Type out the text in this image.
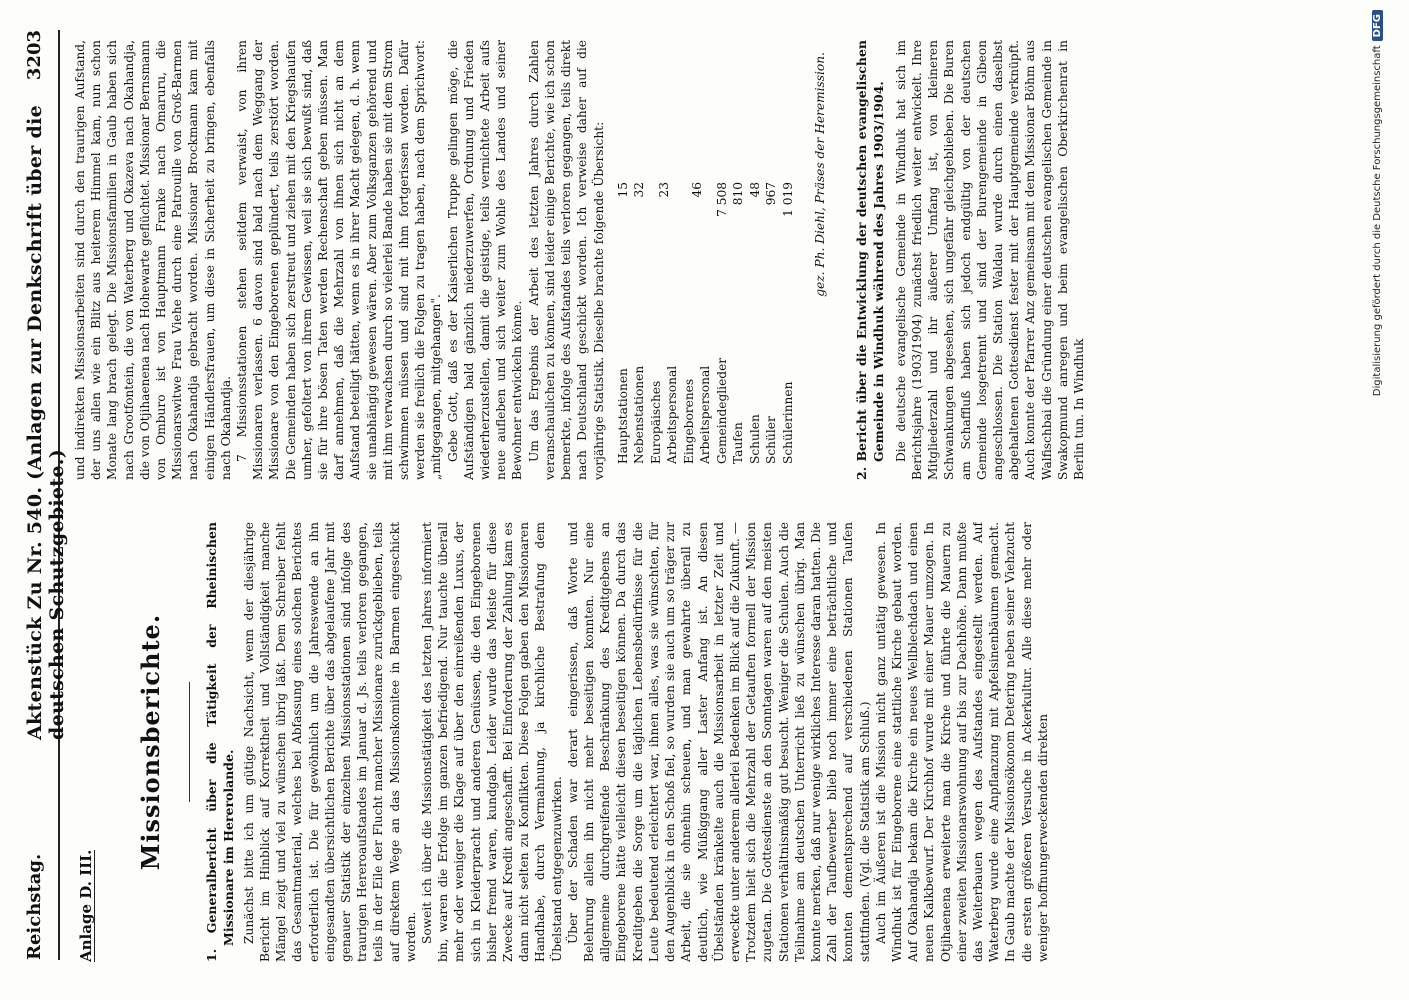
Reichstag.
Aktenstück Zu Nr. 540. (Anlagen zur Denkschrift über die deutschen Schutzgebiete.)
3203
Anlage D. III.
Missionsberichte.	1. Generalbericht über die Tätigkeit der Rheinischen Missionare im Hererolande. Zunächst bitte ich um gütige Nachsicht, wenn der diesjährige Bericht im Hinblick auf Korrektheit und Vollständigkeit manche Mängel zeigt und viel zu wünschen übrig läßt. Dem Schreiber fehlt das Gesamtmaterial, welches bei Abfassung eines solchen Berichtes erforderlich ist. Die für gewöhnlich um die Jahreswende an ihn eingesandten übersichtlichen Berichte über das abgelaufene Jahr mit genauer Statistik der einzelnen Missionsstationen sind infolge des traurigen Hereroaufstandes im Januar d. Js. teils verloren gegangen, teils in der Eile der Flucht mancher Missionare zurückgeblieben, teils auf direktem Wege an das Missionskomitee in Barmen eingeschickt worden. Soweit ich über die Missionstätigkeit des letzten Jahres informiert bin, waren die Erfolge im ganzen befriedigend. Nur tauchte überall mehr oder weniger die Klage auf über den einreißenden Luxus, der sich in Kleiderpracht und anderen Genüssen, die den Eingeborenen bisher fremd waren, kundgab. Leider wurde das Meiste für diese Zwecke auf Kredit angeschafft. Bei Einforderung der Zahlung kam es dann nicht selten zu Konflikten. Diese Folgen gaben den Missionaren Handhabe, durch Vermahnung, ja kirchliche Bestrafung dem Übelstand entgegenzuwirken. Über der Schaden war derart eingerissen, daß Worte und Belehrung allein ihn nicht mehr beseitigen konnten. Nur eine allgemeine durchgreifende Beschränkung des Kreditgebens an Eingeborene hätte vielleicht diesen beseitigen können. Da durch das Kreditgeben die Sorge um die täglichen Lebensbedürfnisse für die Leute bedeutend erleichtert war, ihnen alles, was sie wünschten, für den Augenblick in den Schoß fiel, so wurden sie auch um so träger zur Arbeit, die sie ohnehin scheuen, und man gewahrte überall zu deutlich, wie Müßiggang aller Laster Anfang ist. An diesen Übelständen kränkelte auch die Missionsarbeit in letzter Zeit und erweckte unter anderem allerlei Bedenken im Blick auf die Zukunft. — Trotzdem hielt sich die Mehrzahl der Getauften formell der Mission zugetan. Die Gottesdienste an den Sonntagen waren auf den meisten Stationen verhältnismäßig gut besucht. Weniger die Schulen. Auch die Teilnahme am deutschen Unterricht ließ zu wünschen übrig. Man konnte merken, daß nur wenige wirkliches Interesse daran hatten. Die Zahl der Taufbewerber blieb noch immer eine beträchtliche und konnten dementsprechend auf verschiedenen Stationen Taufen stattfinden. (Vgl. die Statistik am Schluß.) Auch im Äußeren ist die Mission nicht ganz untätig gewesen. In Windhuk ist für Eingeborene eine stattliche Kirche gebaut worden. Auf Okahandja bekam die Kirche ein neues Wellblechdach und einen neuen Kalkbewurf. Der Kirchhof wurde mit einer Mauer umzogen. In Otjihaenena erweiterte man die Kirche und führte die Mauern zu einer zweiten Missionarswohnung auf bis zur Dachhöhe. Dann mußte das Weiterbauen wegen des Aufstandes eingestellt werden. Auf Waterberg wurde eine Anpflanzung mit Apfelsinenbäumen gemacht. In Gaub machte der Missionsökonom Detering neben seiner Viehzucht die ersten größeren Versuche in Ackerkultur. Alle diese mehr oder weniger hoffnungerweckenden direkten

und indirekten Missionsarbeiten sind durch den traurigen Aufstand, der uns allen wie ein Blitz aus heiterem Himmel kam, nun schon Monate lang brach gelegt. Die Missionsfamilien in Gaub haben sich nach Grootfontein, die von Waterberg und Okazeva nach Okahandja, die von Otjihaenena nach Hohewarte geflüchtet. Missionar Bernsmann von Omburo ist von Hauptmann Franke nach Omaruru, die Missionarswitwe Frau Viehe durch eine Patrouille von Groß-Barmen nach Okahandja gebracht worden. Missionar Brockmann kam mit einigen Händlersfrauen, um diese in Sicherheit zu bringen, ebenfalls nach Okahandja. 7 Missionsstationen stehen seitdem verwaist, von ihren Missionaren verlassen. 6 davon sind bald nach dem Weggang der Missionare von den Eingeborenen geplündert, teils zerstört worden. Die Gemeinden haben sich zerstreut und ziehen mit den Kriegshaufen umher, gefoltert von ihrem Gewissen, weil sie sich bewußt sind, daß sie für ihre bösen Taten werden Rechenschaft geben müssen. Man darf annehmen, daß die Mehrzahl von ihnen sich nicht an dem Aufstand beteiligt hätten, wenn es in ihrer Macht gelegen, d. h. wenn sie unabhängig gewesen wären. Aber zum Volksganzen gehörend und mit ihm verwachsen durch so vielerlei Bande haben sie mit dem Strom schwimmen müssen und sind mit ihm fortgerissen worden. Dafür werden sie freilich die Folgen zu tragen haben, nach dem Sprichwort: „mitgegangen, mitgehangen". Gebe Gott, daß es der Kaiserlichen Truppe gelingen möge, die Aufständigen bald gänzlich niederzuwerfen, Ordnung und Frieden wiederherzustellen, damit die geistige, teils vernichtete Arbeit aufs neue aufleben und sich weiter zum Wohle des Landes und seiner Bewohner entwickeln könne. Um das Ergebnis der Arbeit des letzten Jahres durch Zahlen veranschaulichen zu können, sind leider einige Berichte, wie ich schon bemerkte, infolge des Aufstandes teils verloren gegangen, teils direkt nach Deutschland geschickt worden. Ich verweise daher auf die vorjährige Statistik. Dieselbe brachte folgende Übersicht: Hauptstationen	15
Nebenstationen	32
Europäisches Arbeitspersonal	23
Eingeborenes Arbeitspersonal	46
Gemeindeglieder	7 508
Taufen	810
Schulen	48
Schüler	967
Schülerinnen	1 019 gez. Ph. Diehl, Präses der Heremission. 2. Bericht über die Entwicklung der deutschen evangelischen Gemeinde in Windhuk während des Jahres 1903/1904. Die deutsche evangelische Gemeinde in Windhuk hat sich im Berichtsjahre (1903/1904) zunächst friedlich weiter entwickelt. Ihre Mitgliederzahl und ihr äußerer Umfang ist, von kleineren Schwankungen abgesehen, sich ungefähr gleichgeblieben. Die Buren am Schaffluß haben sich jedoch endgültig von der deutschen Gemeinde losgetrennt und sind der Burengemeinde in Gibeon angeschlossen. Die Station Waldau wurde durch einen daselbst abgehaltenen Gottesdienst fester mit der Hauptgemeinde verknüpft. Auch konnte der Pfarrer Anz gemeinsam mit dem Missionar Böhm aus Walfischbai die Gründung einer deutschen evangelischen Gemeinde in Swakopmund anregen und beim evangelischen Oberkirchenrat in Berlin tun. In Windhuk

Digitalisierung gefördert durch die Deutsche ForschungsgemeinschaftDFG
